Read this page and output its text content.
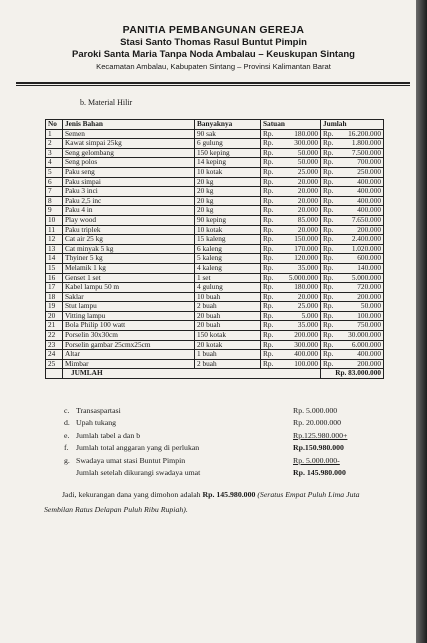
PANITIA PEMBANGUNAN GEREJA
Stasi Santo Thomas Rasul Buntut Pimpin
Paroki Santa Maria Tanpa Noda Ambalau – Keuskupan Sintang
Kecamatan Ambalau, Kabupaten Sintang – Provinsi Kalimantan Barat
b. Material Hilir
No	Jenis Bahan	Banyaknya	Satuan	Jumlah
1	Semen	90 sak	Rp. 180.000	Rp. 16.200.000

2	Kawat simpai 25kg	6 gulung	Rp. 300.000	Rp. 1.800.000

3	Seng gelombang	150 keping	Rp. 50.000	Rp. 7.500.000

4	Seng polos	14 keping	Rp. 50.000	Rp. 700.000

5	Paku seng	10 kotak	Rp. 25.000	Rp. 250.000

6	Paku simpai	20 kg	Rp. 20.000	Rp. 400.000

7	Paku 3 inci	20 kg	Rp. 20.000	Rp. 400.000

8	Paku 2,5 inc	20 kg	Rp. 20.000	Rp. 400.000

9	Paku 4 in	20 kg	Rp. 20.000	Rp. 400.000

10	Play wood	90 keping	Rp. 85.000	Rp. 7.650.000

11	Paku triplek	10 kotak	Rp. 20.000	Rp. 200.000

12	Cat air 25 kg	15 kaleng	Rp. 150.000	Rp. 2.400.000

13	Cat minyak 5 kg	6 kaleng	Rp. 170.000	Rp. 1.020.000

14	Thyiner 5 kg	5 kaleng	Rp. 120.000	Rp. 600.000

15	Melamik 1 kg	4 kaleng	Rp. 35.000	Rp. 140.000

16	Genset 1 set	1 set	Rp. 5.000.000	Rp. 5.000.000

17	Kabel lampu 50 m	4 gulung	Rp. 180.000	Rp. 720.000

18	Saklar	10 buah	Rp. 20.000	Rp. 200.000

19	Stut lampu	2 buah	Rp. 25.000	Rp. 50.000

20	Vitting lampu	20 buah	Rp. 5.000	Rp. 100.000

21	Bola Philip 100 watt	20 buah	Rp. 35.000	Rp. 750.000

22	Porselin 30x30cm	150 kotak	Rp. 200.000	Rp. 30.000.000

23	Porselin gambar 25cmx25cm	20 kotak	Rp. 300.000	Rp. 6.000.000

24	Altar	1 buah	Rp. 400.000	Rp. 400.000

25	Mimbar	2 buah	Rp. 100.000	Rp. 200.000

	JUMLAH			Rp. 83.000.000
c. Transaspartasi	Rp. 5.000.000
d. Upah tukang	Rp. 20.000.000
e. Jumlah tabel a dan b	Rp.125.980.000+
f. Jumlah total anggaran yang di perlukan	Rp.150.980.000
g. Swadaya umat stasi Buntut Pimpin	Rp. 5.000.000-
Jumlah setelah dikurangi swadaya umat	Rp. 145.980.000
Jadi, kekurangan dana yang dimohon adalah Rp. 145.980.000 (Seratus Empat Puluh Lima Juta Sembilan Ratus Delapan Puluh Ribu Rupiah).
